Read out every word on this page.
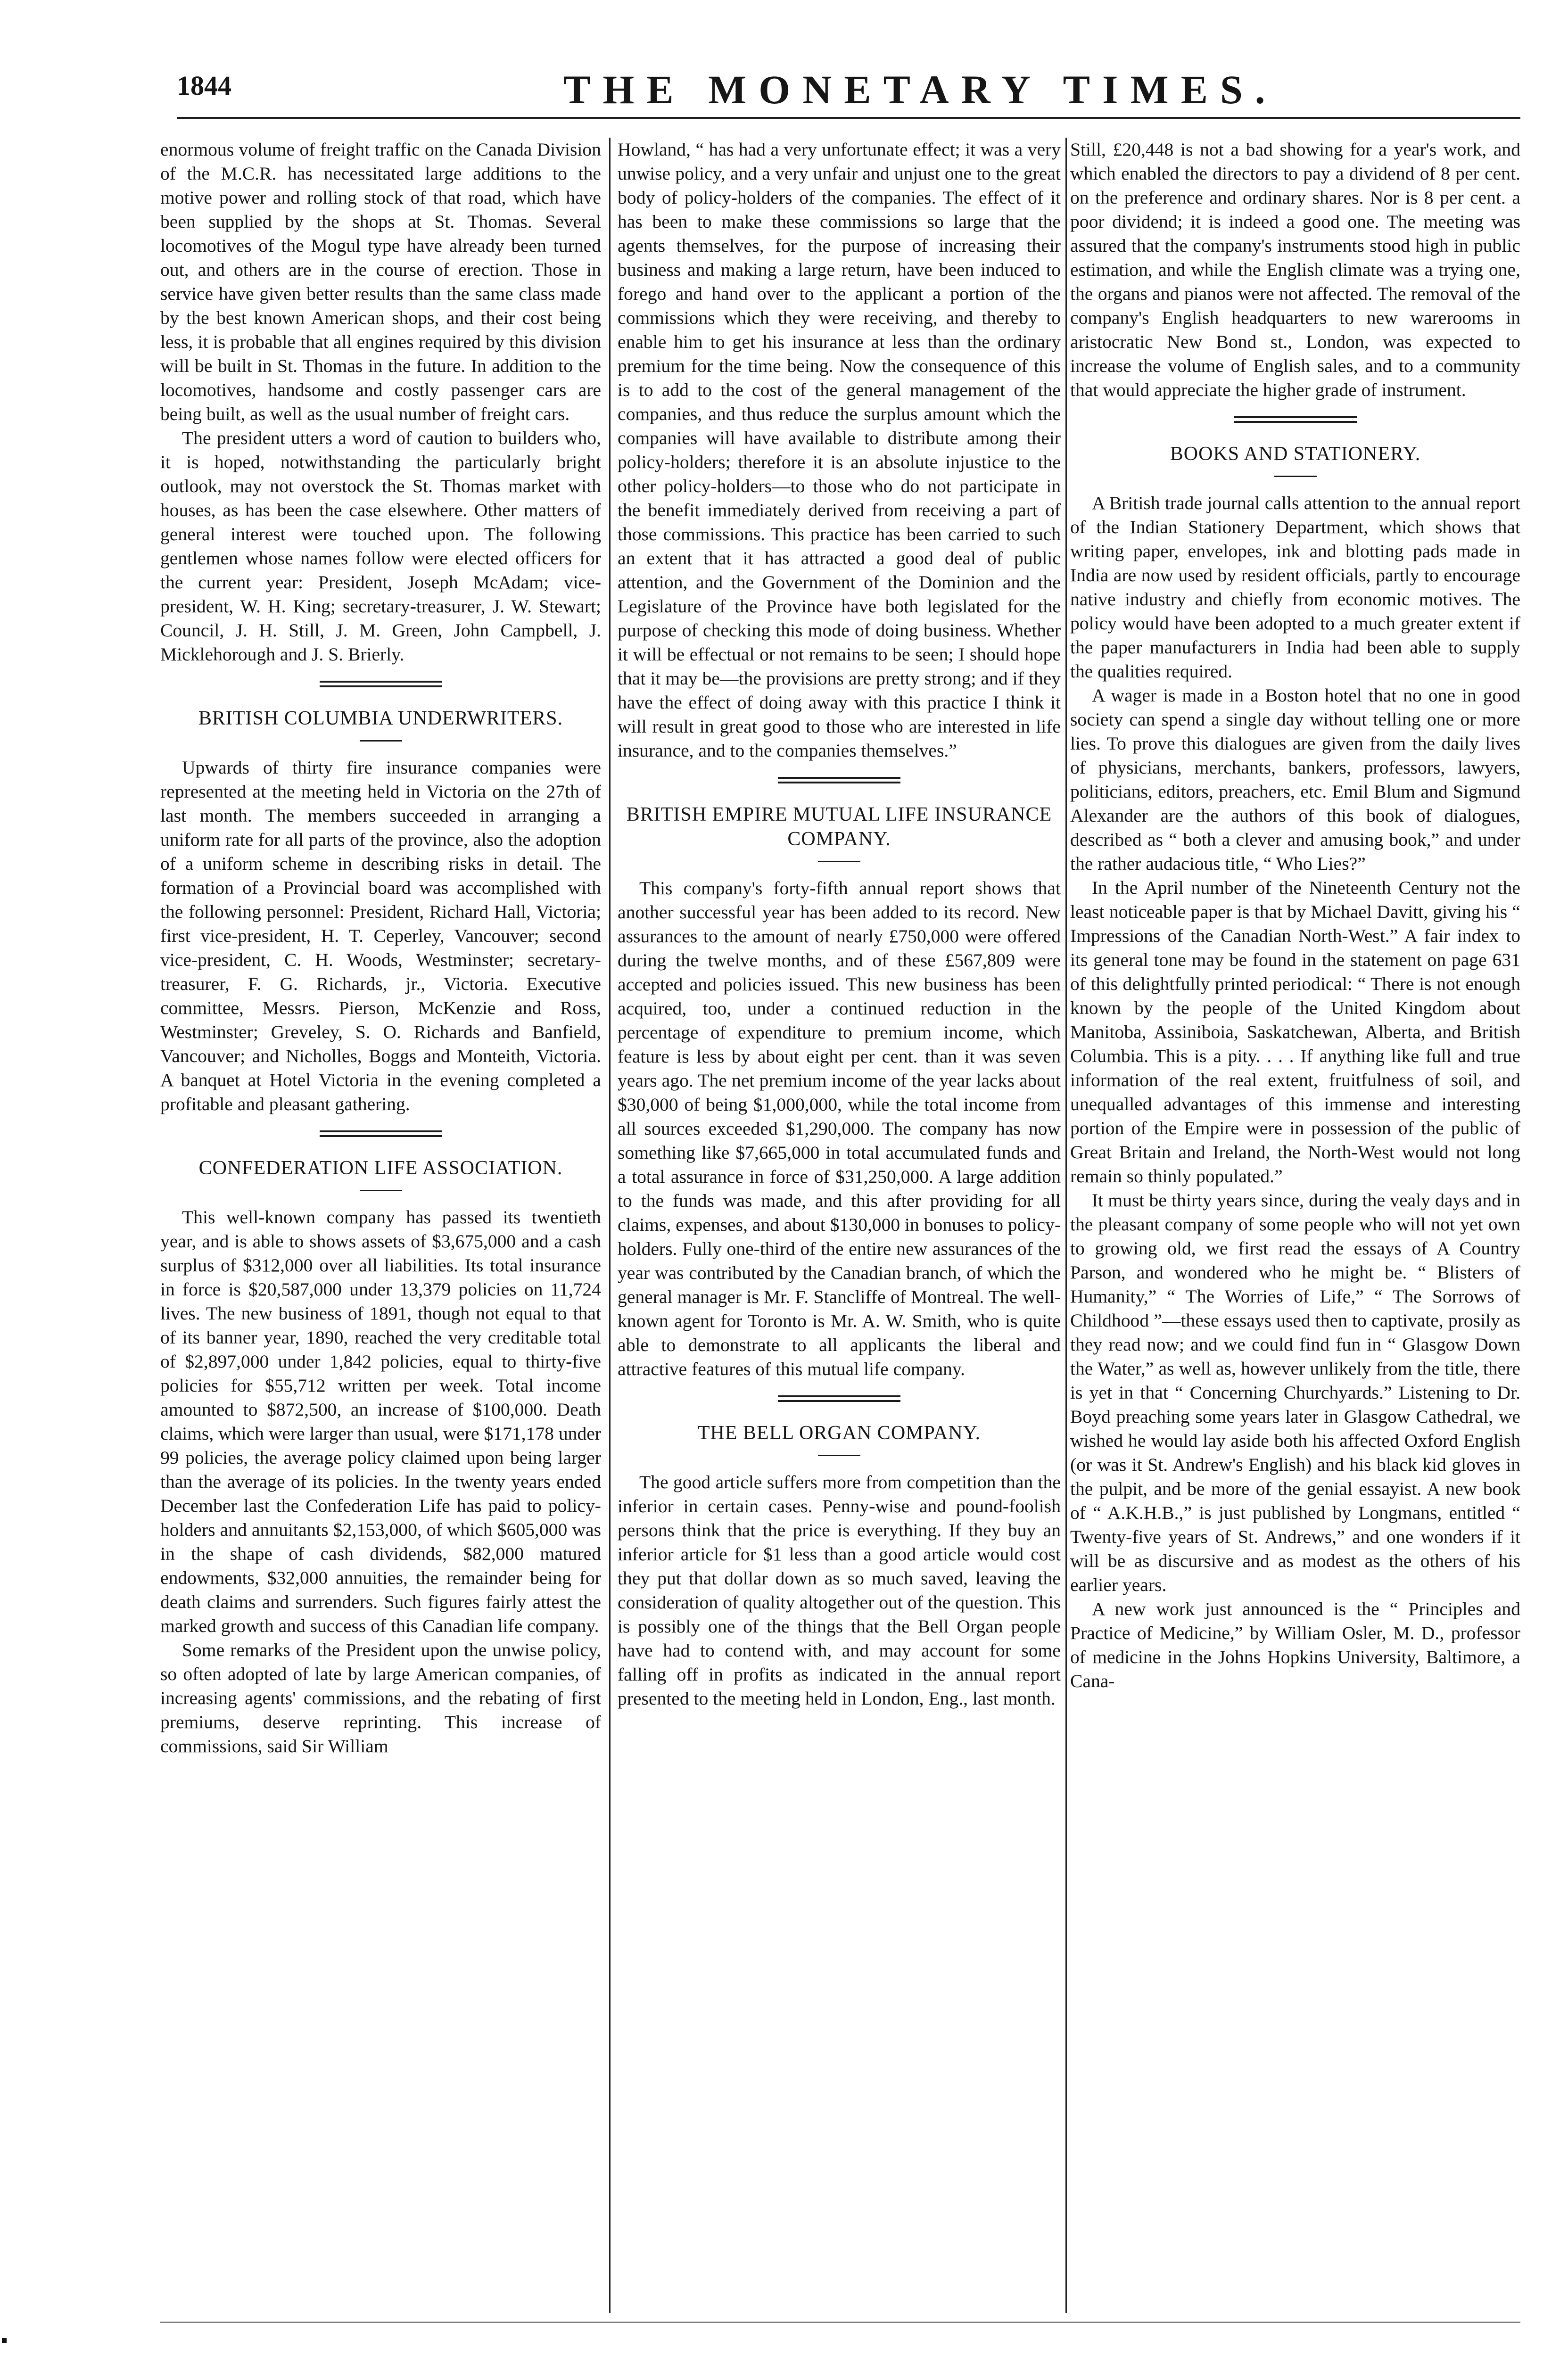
1844	THE MONETARY TIMES.

enormous volume of freight traffic on the Canada Division of the M.C.R. has necessitated large additions to the motive power and rolling stock of that road, which have been supplied by the shops at St. Thomas. Several locomotives of the Mogul type have already been turned out, and others are in the course of erection. Those in service have given better results than the same class made by the best known American shops, and their cost being less, it is probable that all engines required by this division will be built in St. Thomas in the future. In addition to the locomotives, handsome and costly passenger cars are being built, as well as the usual number of freight cars.

The president utters a word of caution to builders who, it is hoped, notwithstanding the particularly bright outlook, may not overstock the St. Thomas market with houses, as has been the case elsewhere. Other matters of general interest were touched upon. The following gentlemen whose names follow were elected officers for the current year: President, Joseph McAdam; vice-president, W. H. King; secretary-treasurer, J. W. Stewart; Council, J. H. Still, J. M. Green, John Campbell, J. Micklehorough and J. S. Brierly.

BRITISH COLUMBIA UNDERWRITERS.

Upwards of thirty fire insurance companies were represented at the meeting held in Victoria on the 27th of last month. The members succeeded in arranging a uniform rate for all parts of the province, also the adoption of a uniform scheme in describing risks in detail. The formation of a Provincial board was accomplished with the following personnel: President, Richard Hall, Victoria; first vice-president, H. T. Ceperley, Vancouver; second vice-president, C. H. Woods, Westminster; secretary-treasurer, F. G. Richards, jr., Victoria. Executive committee, Messrs. Pierson, McKenzie and Ross, Westminster; Greveley, S. O. Richards and Banfield, Vancouver; and Nicholles, Boggs and Monteith, Victoria. A banquet at Hotel Victoria in the evening completed a profitable and pleasant gathering.

CONFEDERATION LIFE ASSOCIATION.

This well-known company has passed its twentieth year, and is able to shows assets of $3,675,000 and a cash surplus of $312,000 over all liabilities. Its total insurance in force is $20,587,000 under 13,379 policies on 11,724 lives. The new business of 1891, though not equal to that of its banner year, 1890, reached the very creditable total of $2,897,000 under 1,842 policies, equal to thirty-five policies for $55,712 written per week. Total income amounted to $872,500, an increase of $100,000. Death claims, which were larger than usual, were $171,178 under 99 policies, the average policy claimed upon being larger than the average of its policies. In the twenty years ended December last the Confederation Life has paid to policy-holders and annuitants $2,153,000, of which $605,000 was in the shape of cash dividends, $82,000 matured endowments, $32,000 annuities, the remainder being for death claims and surrenders. Such figures fairly attest the marked growth and success of this Canadian life company.

Some remarks of the President upon the unwise policy, so often adopted of late by large American companies, of increasing agents' commissions, and the rebating of first premiums, deserve reprinting. This increase of commissions, said Sir William

Howland, “ has had a very unfortunate effect; it was a very unwise policy, and a very unfair and unjust one to the great body of policy-holders of the companies. The effect of it has been to make these commissions so large that the agents themselves, for the purpose of increasing their business and making a large return, have been induced to forego and hand over to the applicant a portion of the commissions which they were receiving, and thereby to enable him to get his insurance at less than the ordinary premium for the time being. Now the consequence of this is to add to the cost of the general management of the companies, and thus reduce the surplus amount which the companies will have available to distribute among their policy-holders; therefore it is an absolute injustice to the other policy-holders—to those who do not participate in the benefit immediately derived from receiving a part of those commissions. This practice has been carried to such an extent that it has attracted a good deal of public attention, and the Government of the Dominion and the Legislature of the Province have both legislated for the purpose of checking this mode of doing business. Whether it will be effectual or not remains to be seen; I should hope that it may be—the provisions are pretty strong; and if they have the effect of doing away with this practice I think it will result in great good to those who are interested in life insurance, and to the companies themselves.”

BRITISH EMPIRE MUTUAL LIFE INSURANCE COMPANY.

This company's forty-fifth annual report shows that another successful year has been added to its record. New assurances to the amount of nearly £750,000 were offered during the twelve months, and of these £567,809 were accepted and policies issued. This new business has been acquired, too, under a continued reduction in the percentage of expenditure to premium income, which feature is less by about eight per cent. than it was seven years ago. The net premium income of the year lacks about $30,000 of being $1,000,000, while the total income from all sources exceeded $1,290,000. The company has now something like $7,665,000 in total accumulated funds and a total assurance in force of $31,250,000. A large addition to the funds was made, and this after providing for all claims, expenses, and about $130,000 in bonuses to policy-holders. Fully one-third of the entire new assurances of the year was contributed by the Canadian branch, of which the general manager is Mr. F. Stancliffe of Montreal. The well-known agent for Toronto is Mr. A. W. Smith, who is quite able to demonstrate to all applicants the liberal and attractive features of this mutual life company.

THE BELL ORGAN COMPANY.

The good article suffers more from competition than the inferior in certain cases. Penny-wise and pound-foolish persons think that the price is everything. If they buy an inferior article for $1 less than a good article would cost they put that dollar down as so much saved, leaving the consideration of quality altogether out of the question. This is possibly one of the things that the Bell Organ people have had to contend with, and may account for some falling off in profits as indicated in the annual report presented to the meeting held in London, Eng., last month.

Still, £20,448 is not a bad showing for a year's work, and which enabled the directors to pay a dividend of 8 per cent. on the preference and ordinary shares. Nor is 8 per cent. a poor dividend; it is indeed a good one. The meeting was assured that the company's instruments stood high in public estimation, and while the English climate was a trying one, the organs and pianos were not affected. The removal of the company's English headquarters to new warerooms in aristocratic New Bond st., London, was expected to increase the volume of English sales, and to a community that would appreciate the higher grade of instrument.

BOOKS AND STATIONERY.

A British trade journal calls attention to the annual report of the Indian Stationery Department, which shows that writing paper, envelopes, ink and blotting pads made in India are now used by resident officials, partly to encourage native industry and chiefly from economic motives. The policy would have been adopted to a much greater extent if the paper manufacturers in India had been able to supply the qualities required.

A wager is made in a Boston hotel that no one in good society can spend a single day without telling one or more lies. To prove this dialogues are given from the daily lives of physicians, merchants, bankers, professors, lawyers, politicians, editors, preachers, etc. Emil Blum and Sigmund Alexander are the authors of this book of dialogues, described as “ both a clever and amusing book,” and under the rather audacious title, “ Who Lies?”

In the April number of the Nineteenth Century not the least noticeable paper is that by Michael Davitt, giving his “ Impressions of the Canadian North-West.” A fair index to its general tone may be found in the statement on page 631 of this delightfully printed periodical: “ There is not enough known by the people of the United Kingdom about Manitoba, Assiniboia, Saskatchewan, Alberta, and British Columbia. This is a pity. . . . If anything like full and true information of the real extent, fruitfulness of soil, and unequalled advantages of this immense and interesting portion of the Empire were in possession of the public of Great Britain and Ireland, the North-West would not long remain so thinly populated.”

It must be thirty years since, during the vealy days and in the pleasant company of some people who will not yet own to growing old, we first read the essays of A Country Parson, and wondered who he might be. “ Blisters of Humanity,” “ The Worries of Life,” “ The Sorrows of Childhood ”—these essays used then to captivate, prosily as they read now; and we could find fun in “ Glasgow Down the Water,” as well as, however unlikely from the title, there is yet in that “ Concerning Churchyards.” Listening to Dr. Boyd preaching some years later in Glasgow Cathedral, we wished he would lay aside both his affected Oxford English (or was it St. Andrew's English) and his black kid gloves in the pulpit, and be more of the genial essayist. A new book of “ A.K.H.B.,” is just published by Longmans, entitled “ Twenty-five years of St. Andrews,” and one wonders if it will be as discursive and as modest as the others of his earlier years.

A new work just announced is the “ Principles and Practice of Medicine,” by William Osler, M. D., professor of medicine in the Johns Hopkins University, Baltimore, a Cana-
